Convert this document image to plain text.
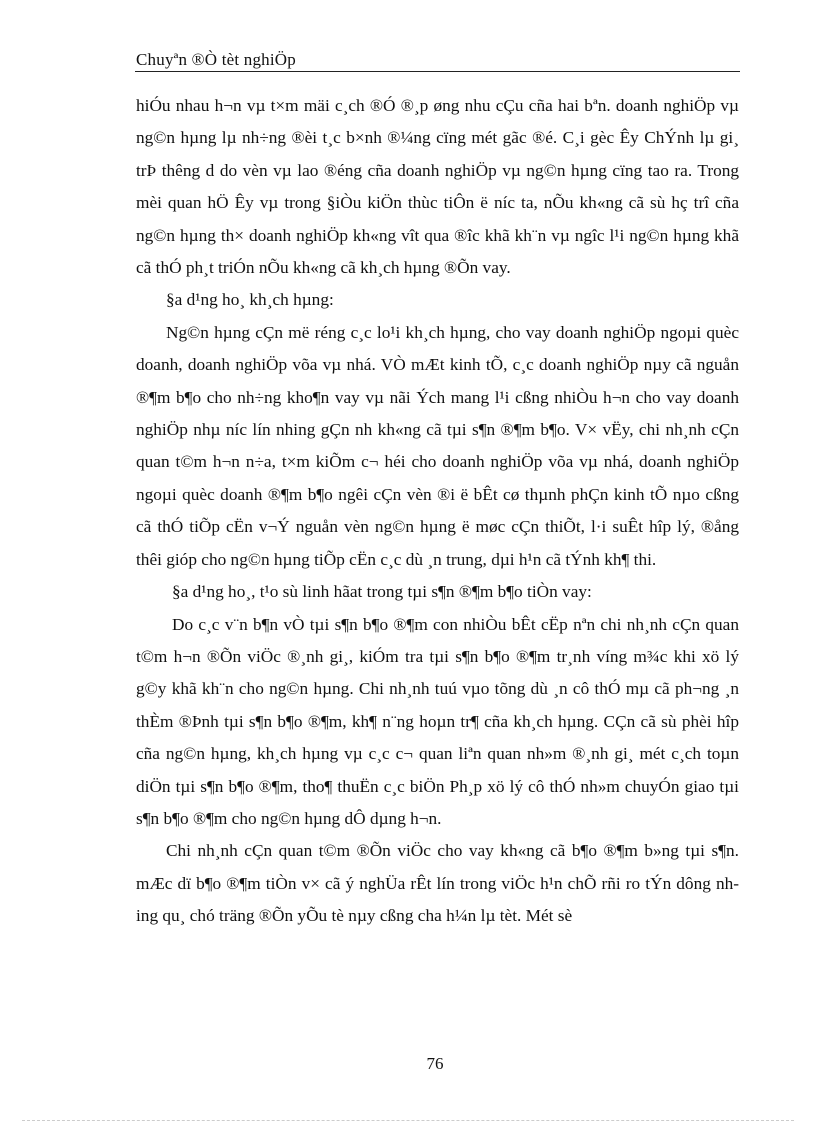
Chuyªn ®Ò tèt nghiÖp

hiÓu nhau h¬n vµ t×m mäi c¸ch ®Ó ®¸p øng nhu cÇu cña hai bªn. doanh nghiÖp vµ ng©n hµng lµ nh÷ng ®èi t¸c b×nh ®¼ng cïng mét gãc ®é. C¸i gèc Êy ChÝnh lµ gi¸ trÞ thêng d do vèn vµ lao ®éng cña doanh nghiÖp vµ ng©n hµng cïng tao ra. Trong mèi quan hÖ Êy vµ trong §iÒu kiÖn thùc tiÔn ë níc ta, nÕu kh«ng cã sù hç trî cña ng©n hµng th× doanh nghiÖp kh«ng vît qua ®îc khã kh¨n vµ ngîc l¹i ng©n hµng khã cã thÓ ph¸t triÓn nÕu kh«ng cã kh¸ch hµng ®Õn vay.

§a d¹ng ho¸ kh¸ch hµng:

Ng©n hµng cÇn më réng c¸c lo¹i kh¸ch hµng, cho vay doanh nghiÖp ngoµi quèc doanh, doanh nghiÖp võa vµ nhá. VÒ mÆt kinh tÕ, c¸c doanh nghiÖp nµy cã nguån ®¶m b¶o cho nh÷ng kho¶n vay vµ nãi Ých mang l¹i cßng nhiÒu h¬n cho vay doanh nghiÖp nhµ níc lín nhing gÇn nh kh«ng cã tµi s¶n ®¶m b¶o. V× vËy, chi nh¸nh cÇn quan t©m h¬n n÷a, t×m kiÕm c¬ héi cho doanh nghiÖp võa vµ nhá, doanh nghiÖp ngoµi quèc doanh ®¶m b¶o ngêi cÇn vèn ®i ë bÊt cø thµnh phÇn kinh tÕ nµo cßng cã thÓ tiÕp cËn v¬Ý nguån vèn ng©n hµng ë møc cÇn thiÕt, l·i suÊt hîp lý, ®ång thêi gióp cho ng©n hµng tiÕp cËn c¸c dù ¸n trung, dµi h¹n cã tÝnh kh¶ thi.

§a d¹ng ho¸, t¹o sù linh hãat trong tµi s¶n ®¶m b¶o tiÒn vay:

Do c¸c v¨n b¶n vÒ tµi s¶n b¶o ®¶m con nhiÒu bÊt cËp nªn chi nh¸nh cÇn quan t©m h¬n ®Õn viÖc ®¸nh gi¸, kiÓm tra tµi s¶n b¶o ®¶m tr¸nh víng m¾c khi xö lý g©y khã kh¨n cho ng©n hµng. Chi nh¸nh tuú vµo tõng dù ¸n cô thÓ mµ cã ph¬ng ¸n thÈm ®Þnh tµi s¶n b¶o ®¶m, kh¶ n¨ng hoµn tr¶ cña kh¸ch hµng. CÇn cã sù phèi hîp cña ng©n hµng, kh¸ch hµng vµ c¸c c¬ quan liªn quan nh»m ®¸nh gi¸ mét c¸ch toµn diÖn tµi s¶n b¶o ®¶m, tho¶ thuËn c¸c biÖn Ph¸p xö lý cô thÓ nh»m chuyÓn giao tµi s¶n b¶o ®¶m cho ng©n hµng dÔ dµng h¬n.

Chi nh¸nh cÇn quan t©m ®Õn viÖc cho vay kh«ng cã b¶o ®¶m b»ng tµi s¶n. mÆc dï b¶o ®¶m tiÒn v× cã ý nghÜa rÊt lín trong viÖc h¹n chÕ rñi ro tÝn dông nhing qu¸ chó träng ®Õn yÕu tè nµy cßng cha h¼n lµ tèt. Mét sè

76
